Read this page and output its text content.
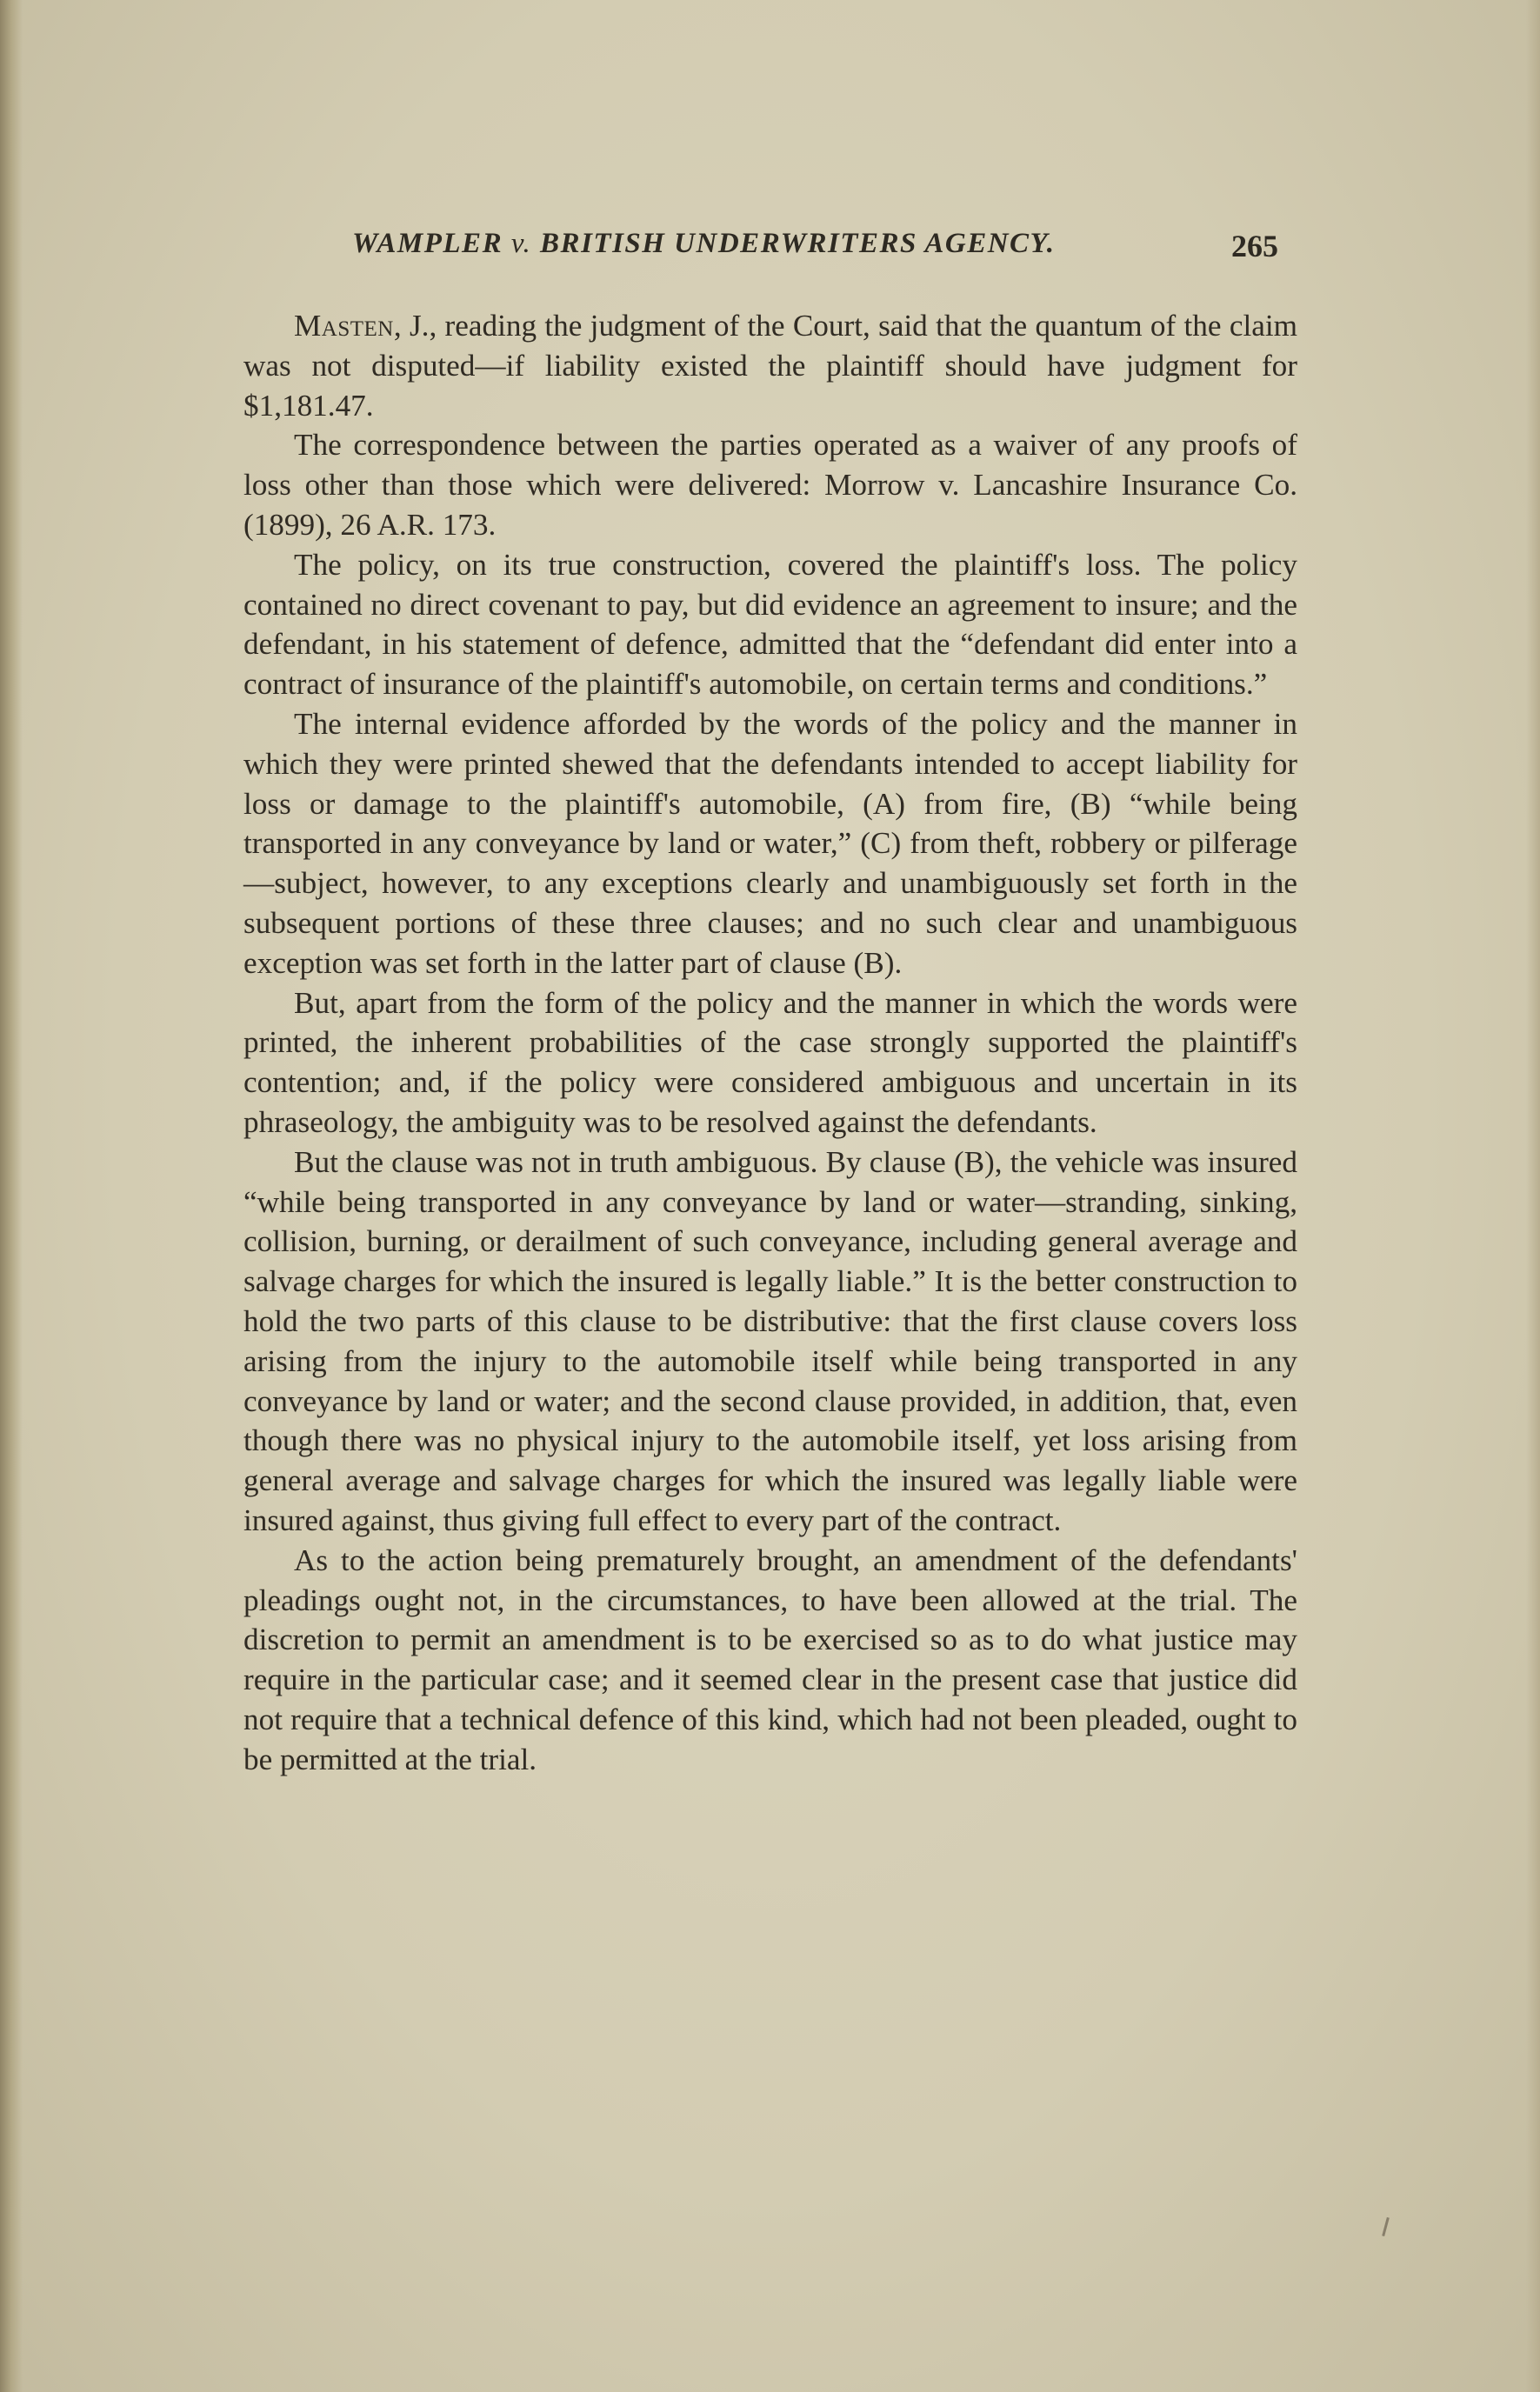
WAMPLER v. BRITISH UNDERWRITERS AGENCY.	265

Masten, J., reading the judgment of the Court, said that the quantum of the claim was not disputed—if liability existed the plaintiff should have judgment for $1,181.47.

The correspondence between the parties operated as a waiver of any proofs of loss other than those which were delivered: Morrow v. Lancashire Insurance Co. (1899), 26 A.R. 173.

The policy, on its true construction, covered the plaintiff's loss. The policy contained no direct covenant to pay, but did evidence an agreement to insure; and the defendant, in his statement of defence, admitted that the “defendant did enter into a contract of insurance of the plaintiff's automobile, on certain terms and conditions.”

The internal evidence afforded by the words of the policy and the manner in which they were printed shewed that the defendants intended to accept liability for loss or damage to the plaintiff's automobile, (A) from fire, (B) “while being transported in any conveyance by land or water,” (C) from theft, robbery or pilferage —subject, however, to any exceptions clearly and unambiguously set forth in the subsequent portions of these three clauses; and no such clear and unambiguous exception was set forth in the latter part of clause (B).

But, apart from the form of the policy and the manner in which the words were printed, the inherent probabilities of the case strongly supported the plaintiff's contention; and, if the policy were considered ambiguous and uncertain in its phraseology, the ambiguity was to be resolved against the defendants.

But the clause was not in truth ambiguous. By clause (B), the vehicle was insured “while being transported in any conveyance by land or water—stranding, sinking, collision, burning, or derailment of such conveyance, including general average and salvage charges for which the insured is legally liable.” It is the better construction to hold the two parts of this clause to be distributive: that the first clause covers loss arising from the injury to the automobile itself while being transported in any conveyance by land or water; and the second clause provided, in addition, that, even though there was no physical injury to the automobile itself, yet loss arising from general average and salvage charges for which the insured was legally liable were insured against, thus giving full effect to every part of the contract.

As to the action being prematurely brought, an amendment of the defendants' pleadings ought not, in the circumstances, to have been allowed at the trial. The discretion to permit an amendment is to be exercised so as to do what justice may require in the particular case; and it seemed clear in the present case that justice did not require that a technical defence of this kind, which had not been pleaded, ought to be permitted at the trial.
